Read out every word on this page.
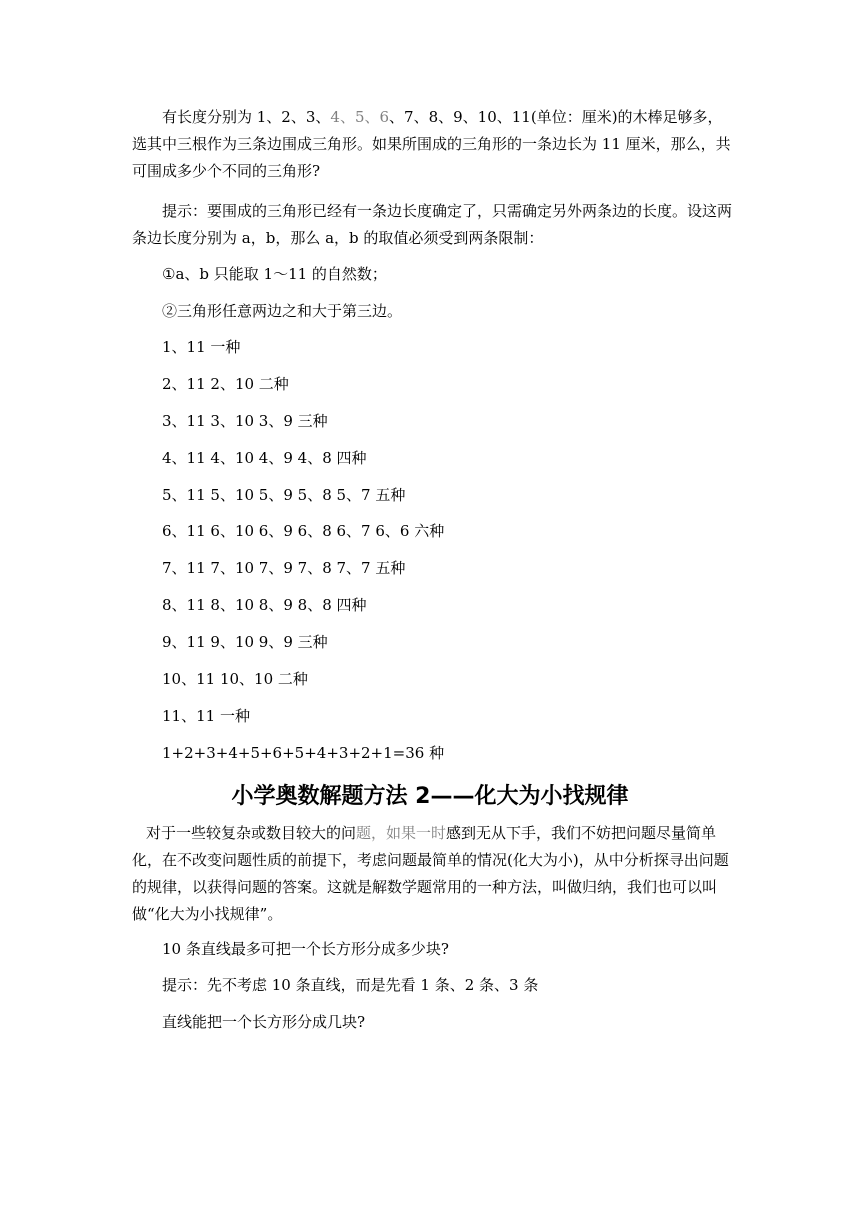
有长度分别为 1、2、3、4、5、6、7、8、9、10、11(单位：厘米)的木棒足够多，选其中三根作为三条边围成三角形。如果所围成的三角形的一条边长为 11 厘米，那么，共可围成多少个不同的三角形?

提示：要围成的三角形已经有一条边长度确定了，只需确定另外两条边的长度。设这两条边长度分别为 a，b，那么 a，b 的取值必须受到两条限制：

①a、b 只能取 1～11 的自然数；

②三角形任意两边之和大于第三边。

1、11 一种

2、11 2、10 二种

3、11 3、10 3、9 三种

4、11 4、10 4、9 4、8 四种

5、11 5、10 5、9 5、8 5、7 五种

6、11 6、10 6、9 6、8 6、7 6、6 六种

7、11 7、10 7、9 7、8 7、7 五种

8、11 8、10 8、9 8、8 四种

9、11 9、10 9、9 三种

10、11 10、10 二种

11、11 一种

1+2+3+4+5+6+5+4+3+2+1=36 种

小学奥数解题方法 2——化大为小找规律

对于一些较复杂或数目较大的问题，如果一时感到无从下手，我们不妨把问题尽量简单化，在不改变问题性质的前提下，考虑问题最简单的情况(化大为小)，从中分析探寻出问题的规律，以获得问题的答案。这就是解数学题常用的一种方法，叫做归纳，我们也可以叫做“化大为小找规律”。

10 条直线最多可把一个长方形分成多少块?

提示：先不考虑 10 条直线，而是先看 1 条、2 条、3 条

直线能把一个长方形分成几块?
